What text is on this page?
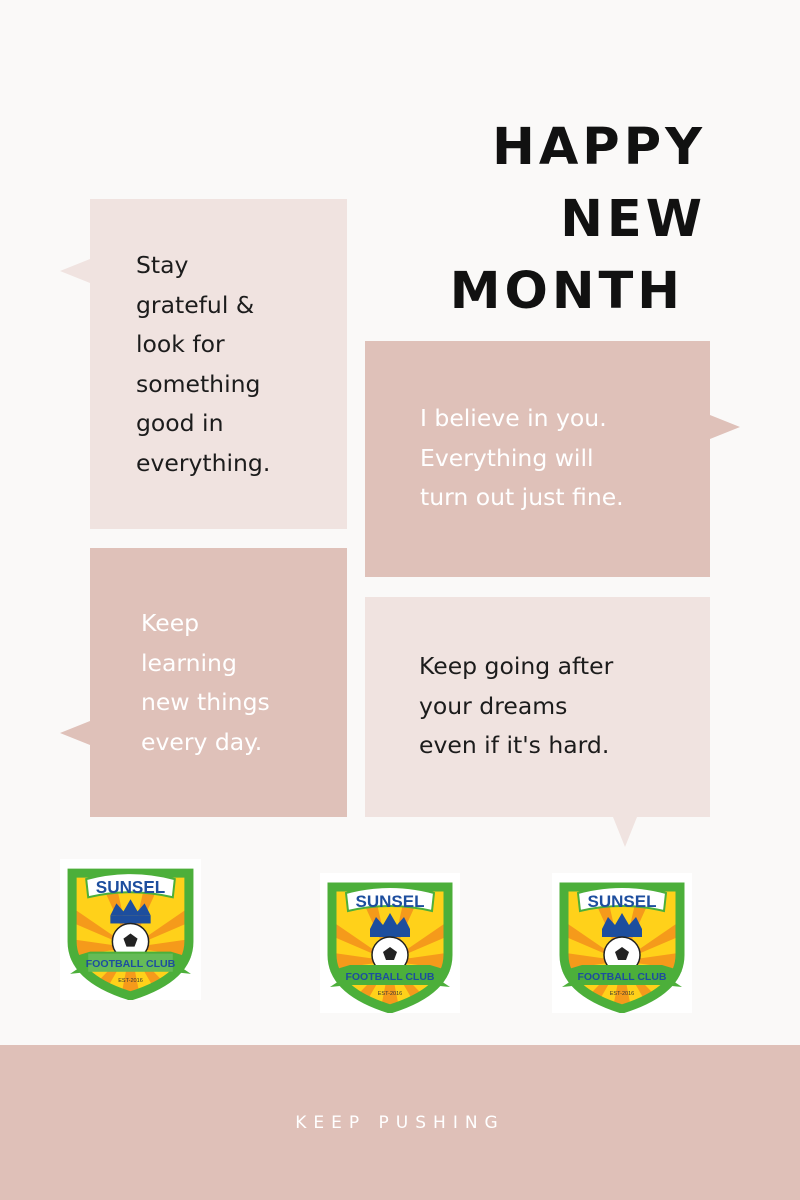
HAPPY
NEW
MONTH
Stay
grateful &
look for
something
good in
everything.
I believe in you.
Everything will
turn out just fine.
Keep
learning
new things
every day.
Keep going after
your dreams
even if it's hard.
SUNSEL
FOOTBALL CLUB
EST-2016
SUNSEL
FOOTBALL CLUB
EST-2016
SUNSEL
FOOTBALL CLUB
EST-2016
KEEP PUSHING
